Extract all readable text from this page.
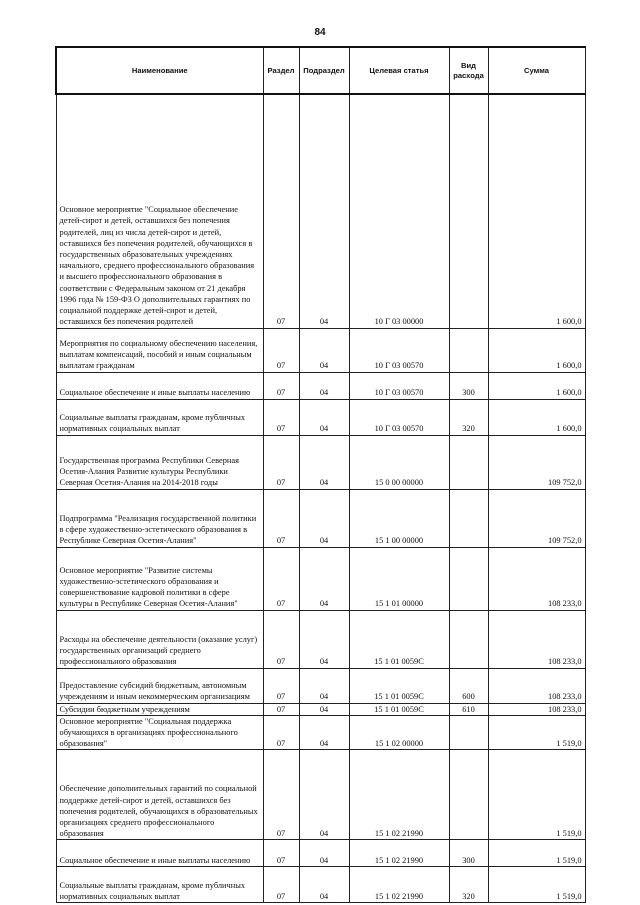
84
Наименование	Раздел	Подраздел	Целевая статья	Вид расхода	Сумма
Основное мероприятие "Социальное обеспечение детей-сирот и детей, оставшихся без попечения родителей, лиц из числа детей-сирот и детей, оставшихся без попечения родителей, обучающихся в государственных образовательных учреждениях начального, среднего профессионального образования и высшего профессионального образования в соответствии с Федеральным законом от 21 декабря 1996 года № 159-ФЗ О дополнительных гарантиях по социальной поддержке детей-сирот и детей, оставшихся без попечения родителей	07	04	10 Г 03 00000		1 600,0
Мероприятия по социальному обеспечению населения, выплатам компенсаций, пособий и иным социальным выплатам гражданам	07	04	10 Г 03 00570		1 600,0
Социальное обеспечение и иные выплаты населению	07	04	10 Г 03 00570	300	1 600,0
Социальные выплаты гражданам, кроме публичных нормативных социальных выплат	07	04	10 Г 03 00570	320	1 600,0
Государственная программа Республики Северная Осетия-Алания Развитие культуры Республики Северная Осетия-Алания на 2014-2018 годы	07	04	15 0 00 00000		109 752,0
Подпрограмма "Реализация государственной политики в сфере художественно-эстетического образования в Республике Северная Осетия-Алания"	07	04	15 1 00 00000		109 752,0
Основное мероприятие "Развитие системы художественно-эстетического образования и совершенствование кадровой политики в сфере культуры в Республике Северная Осетия-Алания"	07	04	15 1 01 00000		108 233,0
Расходы на обеспечение деятельности (оказание услуг) государственных организаций среднего профессионального образования	07	04	15 1 01 0059С		108 233,0
Предоставление субсидий бюджетным, автономным учреждениям и иным некоммерческим организациям	07	04	15 1 01 0059С	600	108 233,0
Субсидии бюджетным учреждениям	07	04	15 1 01 0059С	610	108 233,0
Основное мероприятие "Социальная поддержка обучающихся в организациях профессионального образования"	07	04	15 1 02 00000		1 519,0
Обеспечение дополнительных гарантий по социальной поддержке детей-сирот и детей, оставшихся без попечения родителей, обучающихся в образовательных организациях среднего профессионального образования	07	04	15 1 02 21990		1 519,0
Социальное обеспечение и иные выплаты населению	07	04	15 1 02 21990	300	1 519,0
Социальные выплаты гражданам, кроме публичных нормативных социальных выплат	07	04	15 1 02 21990	320	1 519,0
